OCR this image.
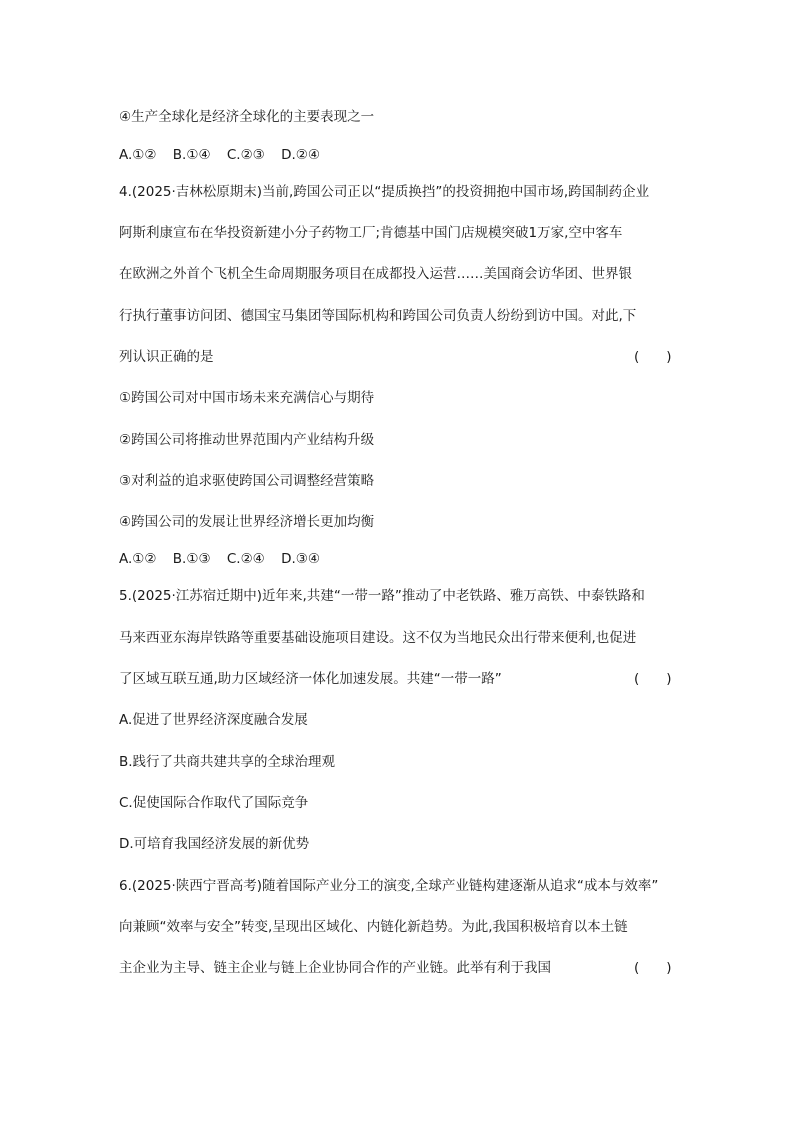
④生产全球化是经济全球化的主要表现之一
A.①② B.①④ C.②③ D.②④
4.(2025·吉林松原期末)当前,跨国公司正以“提质换挡”的投资拥抱中国市场,跨国制药企业
阿斯利康宣布在华投资新建小分子药物工厂;肯德基中国门店规模突破1万家,空中客车
在欧洲之外首个飞机全生命周期服务项目在成都投入运营……美国商会访华团、世界银
行执行董事访问团、德国宝马集团等国际机构和跨国公司负责人纷纷到访中国。对此,下
列认识正确的是	(　　)
①跨国公司对中国市场未来充满信心与期待
②跨国公司将推动世界范围内产业结构升级
③对利益的追求驱使跨国公司调整经营策略
④跨国公司的发展让世界经济增长更加均衡
A.①② B.①③ C.②④ D.③④
5.(2025·江苏宿迁期中)近年来,共建“一带一路”推动了中老铁路、雅万高铁、中泰铁路和
马来西亚东海岸铁路等重要基础设施项目建设。这不仅为当地民众出行带来便利,也促进
了区域互联互通,助力区域经济一体化加速发展。共建“一带一路”	(　　)
A.促进了世界经济深度融合发展
B.践行了共商共建共享的全球治理观
C.促使国际合作取代了国际竞争
D.可培育我国经济发展的新优势
6.(2025·陕西宁晋高考)随着国际产业分工的演变,全球产业链构建逐渐从追求“成本与效率”
向兼顾“效率与安全”转变,呈现出区域化、内链化新趋势。为此,我国积极培育以本土链
主企业为主导、链主企业与链上企业协同合作的产业链。此举有利于我国	(　　)
